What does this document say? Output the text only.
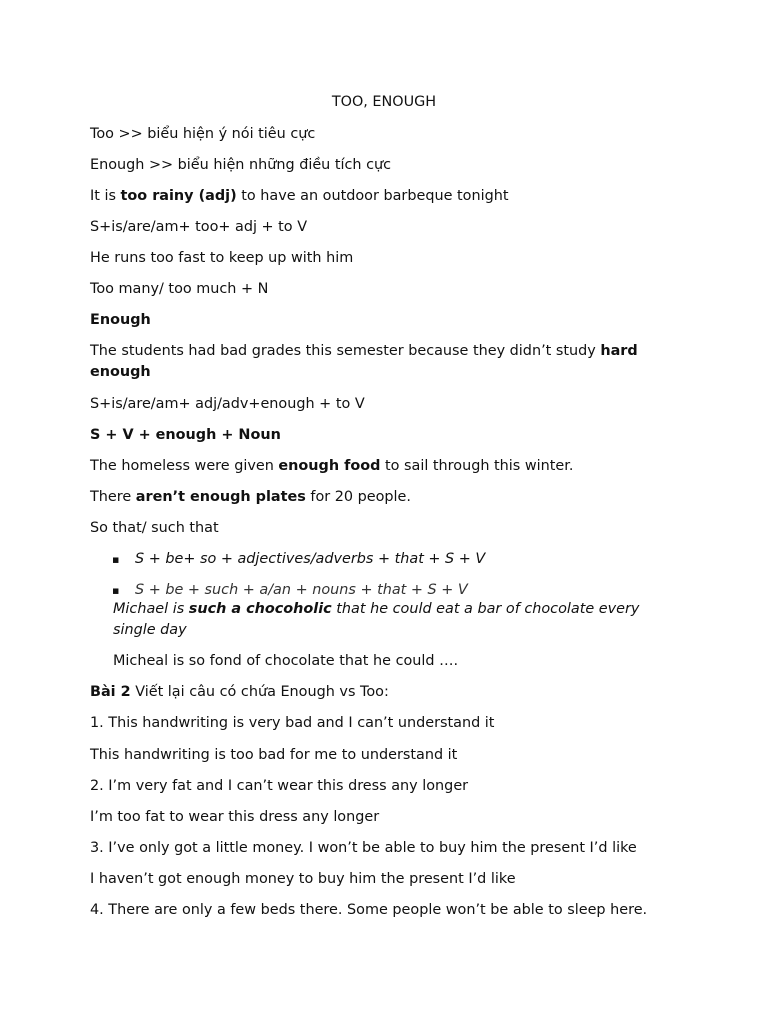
TOO, ENOUGH
Too >> biểu hiện ý nói tiêu cực
Enough >> biểu hiện những điều tích cực
It is too rainy (adj) to have an outdoor barbeque tonight
S+is/are/am+ too+ adj + to V
He runs too fast to keep up with him
Too many/ too much + N
Enough
The students had bad grades this semester because they didn’t study hard enough
S+is/are/am+ adj/adv+enough + to V
S + V + enough + Noun
The homeless were given enough food to sail through this winter.
There aren’t enough plates for 20 people.
So that/ such that
▪ S + be+ so + adjectives/adverbs + that + S + V
▪ S + be + such + a/an + nouns + that + S + V
Michael is such a chocoholic that he could eat a bar of chocolate every single day
Micheal is so fond of chocolate that he could ….
Bài 2 Viết lại câu có chứa Enough vs Too:
1. This handwriting is very bad and I can’t understand it
This handwriting is too bad for me to understand it
2. I’m very fat and I can’t wear this dress any longer
I’m too fat to wear this dress any longer
3. I’ve only got a little money. I won’t be able to buy him the present I’d like
I haven’t got enough money to buy him the present I’d like
4. There are only a few beds there. Some people won’t be able to sleep here.
